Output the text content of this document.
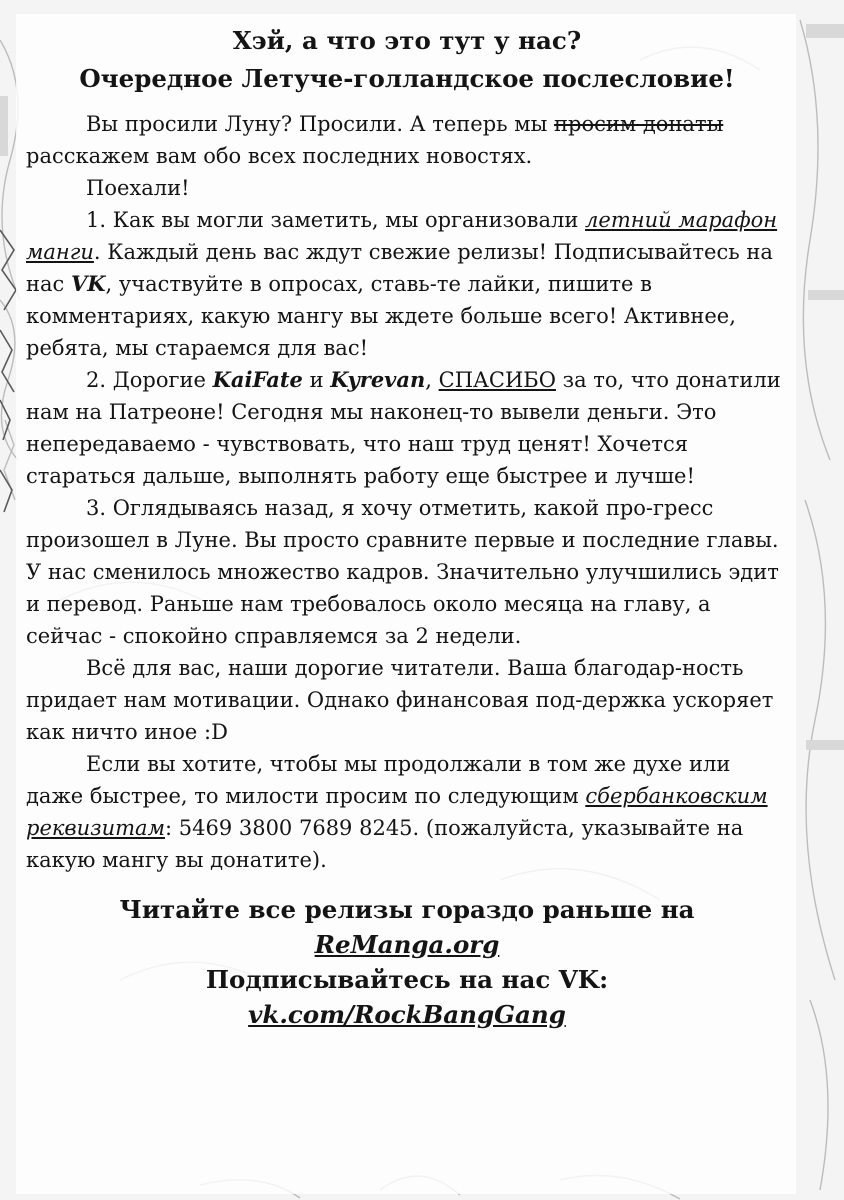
Хэй, а что это тут у нас?
Очередное Летуче-голландское послесловие!

Вы просили Луну? Просили. А теперь мы просим донаты расскажем вам обо всех последних новостях.

Поехали!

1. Как вы могли заметить, мы организовали летний марафон манги. Каждый день вас ждут свежие релизы! Подписывайтесь на нас VK, участвуйте в опросах, ставь-те лайки, пишите в комментариях, какую мангу вы ждете больше всего! Активнее, ребята, мы стараемся для вас!

2. Дорогие KaiFate и Kyrevan, СПАСИБО за то, что донатили нам на Патреоне! Сегодня мы наконец-то вывели деньги. Это непередаваемо - чувствовать, что наш труд ценят! Хочется стараться дальше, выполнять работу еще быстрее и лучше!

3. Оглядываясь назад, я хочу отметить, какой про-гресс произошел в Луне. Вы просто сравните первые и последние главы. У нас сменилось множество кадров. Значительно улучшились эдит и перевод. Раньше нам требовалось около месяца на главу, а сейчас - спокойно справляемся за 2 недели.

Всё для вас, наши дорогие читатели. Ваша благодар-ность придает нам мотивации. Однако финансовая под-держка ускоряет как ничто иное :D

Если вы хотите, чтобы мы продолжали в том же духе или даже быстрее, то милости просим по следующим сбербанковским реквизитам: 5469 3800 7689 8245. (пожалуйста, указывайте на какую мангу вы донатите).

Читайте все релизы гораздо раньше на
ReManga.org
Подписывайтесь на нас VK:
vk.com/RockBangGang
